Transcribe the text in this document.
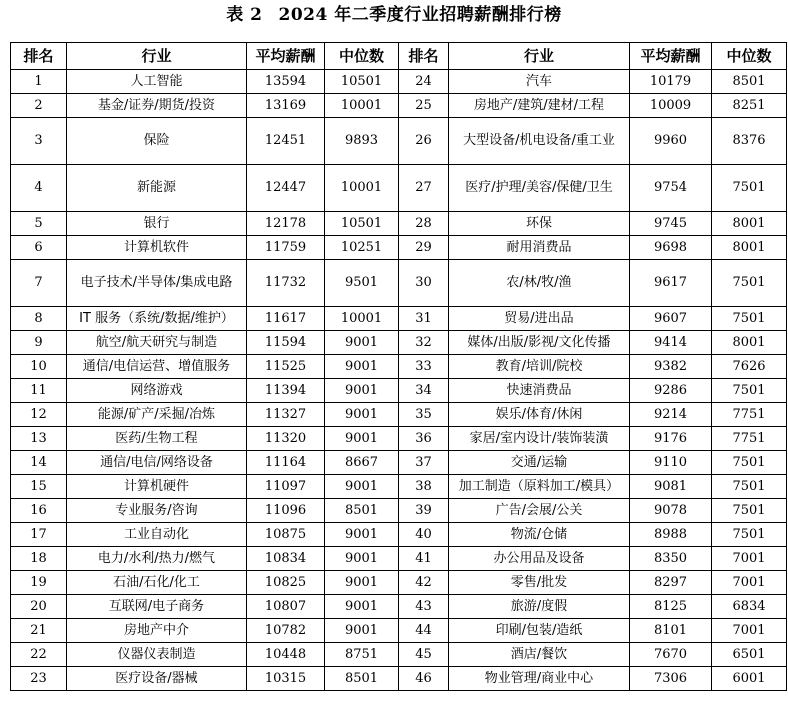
表 2 2024 年二季度行业招聘薪酬排行榜
排名	行业	平均薪酬	中位数	排名	行业	平均薪酬	中位数
1	人工智能	13594	10501	24	汽车	10179	8501
2	基金/证券/期货/投资	13169	10001	25	房地产/建筑/建材/工程	10009	8251
3	保险	12451	9893	26	大型设备/机电设备/重工业	9960	8376
4	新能源	12447	10001	27	医疗/护理/美容/保健/卫生	9754	7501
5	银行	12178	10501	28	环保	9745	8001
6	计算机软件	11759	10251	29	耐用消费品	9698	8001
7	电子技术/半导体/集成电路	11732	9501	30	农/林/牧/渔	9617	7501
8	IT 服务（系统/数据/维护）	11617	10001	31	贸易/进出品	9607	7501
9	航空/航天研究与制造	11594	9001	32	媒体/出版/影视/文化传播	9414	8001
10	通信/电信运营、增值服务	11525	9001	33	教育/培训/院校	9382	7626
11	网络游戏	11394	9001	34	快速消费品	9286	7501
12	能源/矿产/采掘/冶炼	11327	9001	35	娱乐/体育/休闲	9214	7751
13	医药/生物工程	11320	9001	36	家居/室内设计/装饰装潢	9176	7751
14	通信/电信/网络设备	11164	8667	37	交通/运输	9110	7501
15	计算机硬件	11097	9001	38	加工制造（原料加工/模具）	9081	7501
16	专业服务/咨询	11096	8501	39	广告/会展/公关	9078	7501
17	工业自动化	10875	9001	40	物流/仓储	8988	7501
18	电力/水利/热力/燃气	10834	9001	41	办公用品及设备	8350	7001
19	石油/石化/化工	10825	9001	42	零售/批发	8297	7001
20	互联网/电子商务	10807	9001	43	旅游/度假	8125	6834
21	房地产中介	10782	9001	44	印刷/包装/造纸	8101	7001
22	仪器仪表制造	10448	8751	45	酒店/餐饮	7670	6501
23	医疗设备/器械	10315	8501	46	物业管理/商业中心	7306	6001
